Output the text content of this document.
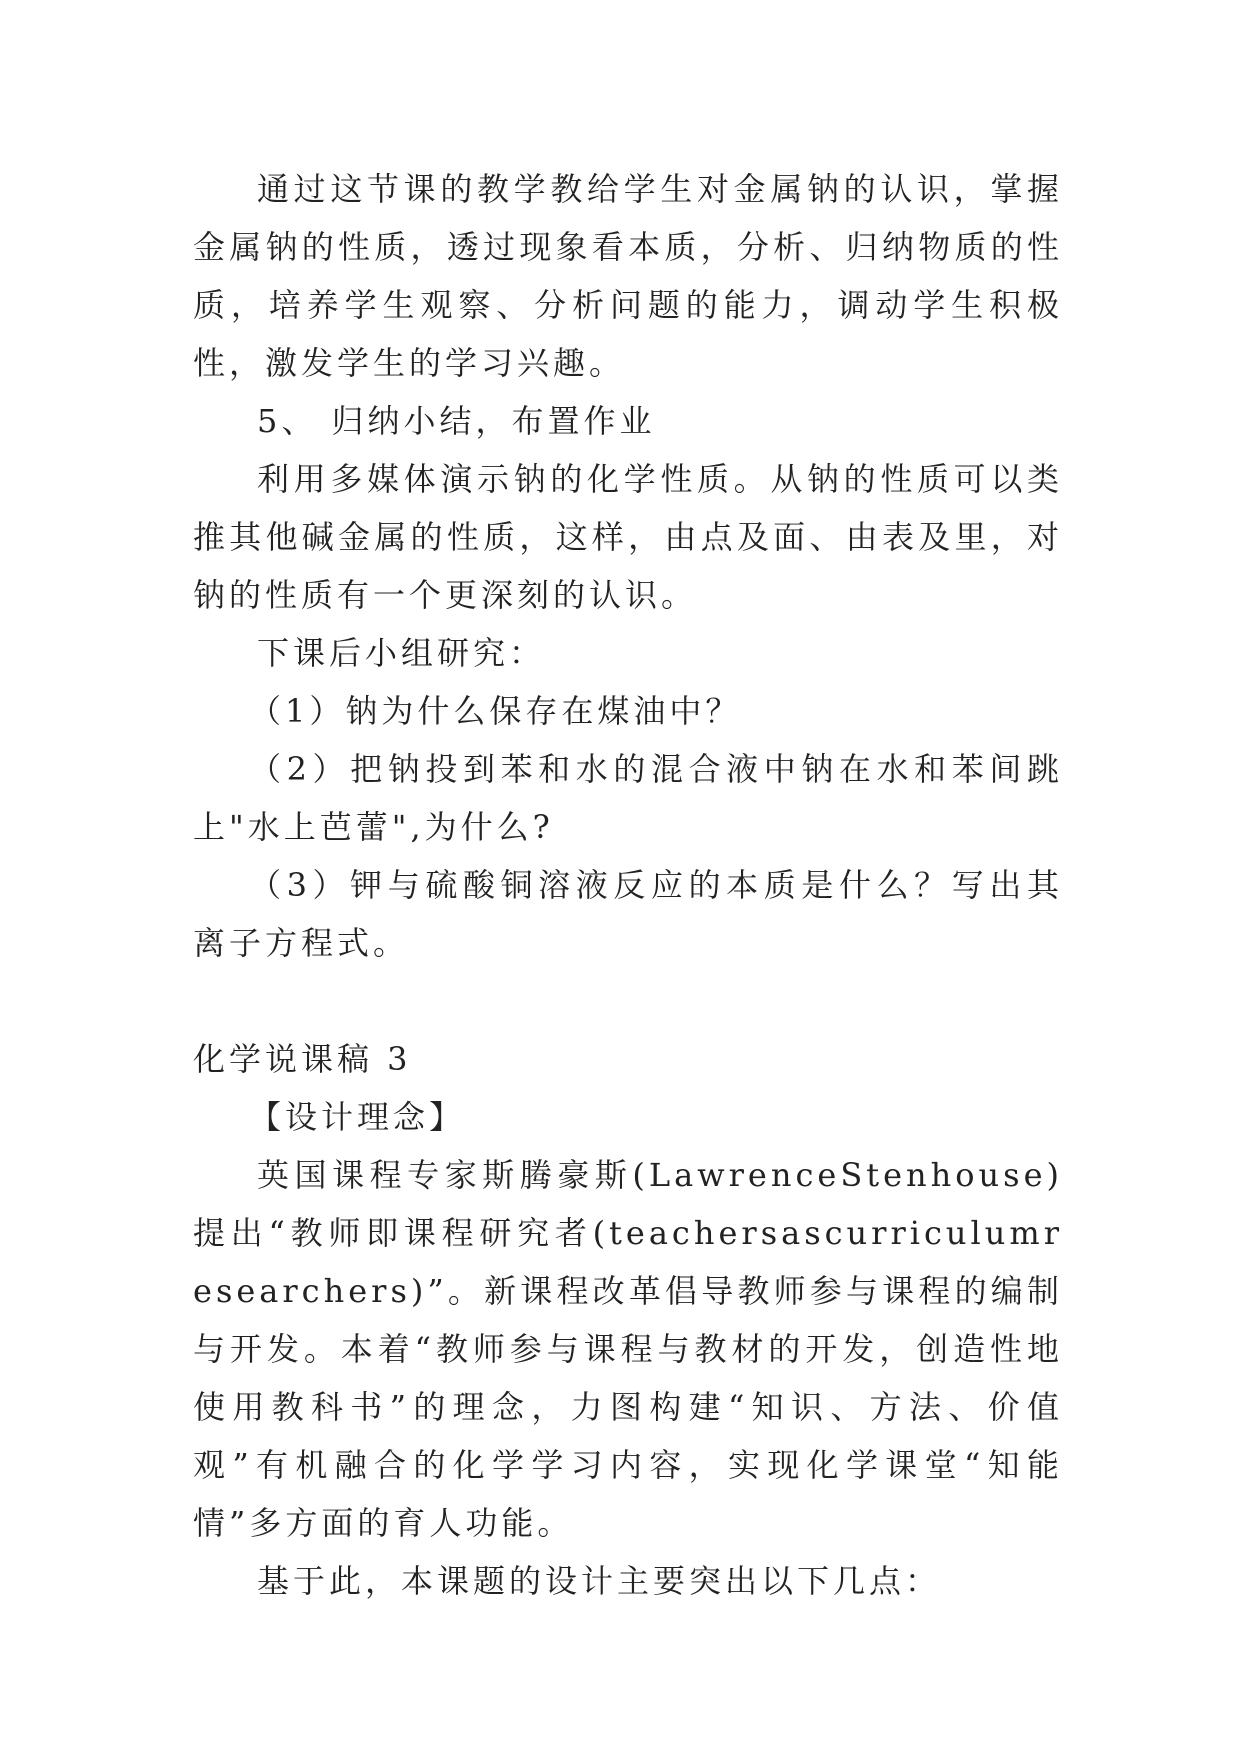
通过这节课的教学教给学生对金属钠的认识，掌握金属钠的性质，透过现象看本质，分析、归纳物质的性质，培养学生观察、分析问题的能力，调动学生积极性，激发学生的学习兴趣。

5、 归纳小结，布置作业

利用多媒体演示钠的化学性质。从钠的性质可以类推其他碱金属的性质，这样，由点及面、由表及里，对钠的性质有一个更深刻的认识。

下课后小组研究：

（1）钠为什么保存在煤油中？

（2）把钠投到苯和水的混合液中钠在水和苯间跳上"水上芭蕾",为什么?

（3）钾与硫酸铜溶液反应的本质是什么？写出其离子方程式。

化学说课稿 3

【设计理念】

英国课程专家斯腾豪斯(LawrenceStenhouse)提出“教师即课程研究者(teachersascurriculumresearchers)”。新课程改革倡导教师参与课程的编制与开发。本着“教师参与课程与教材的开发，创造性地使用教科书”的理念，力图构建“知识、方法、价值观”有机融合的化学学习内容，实现化学课堂“知能情”多方面的育人功能。

基于此，本课题的设计主要突出以下几点：
